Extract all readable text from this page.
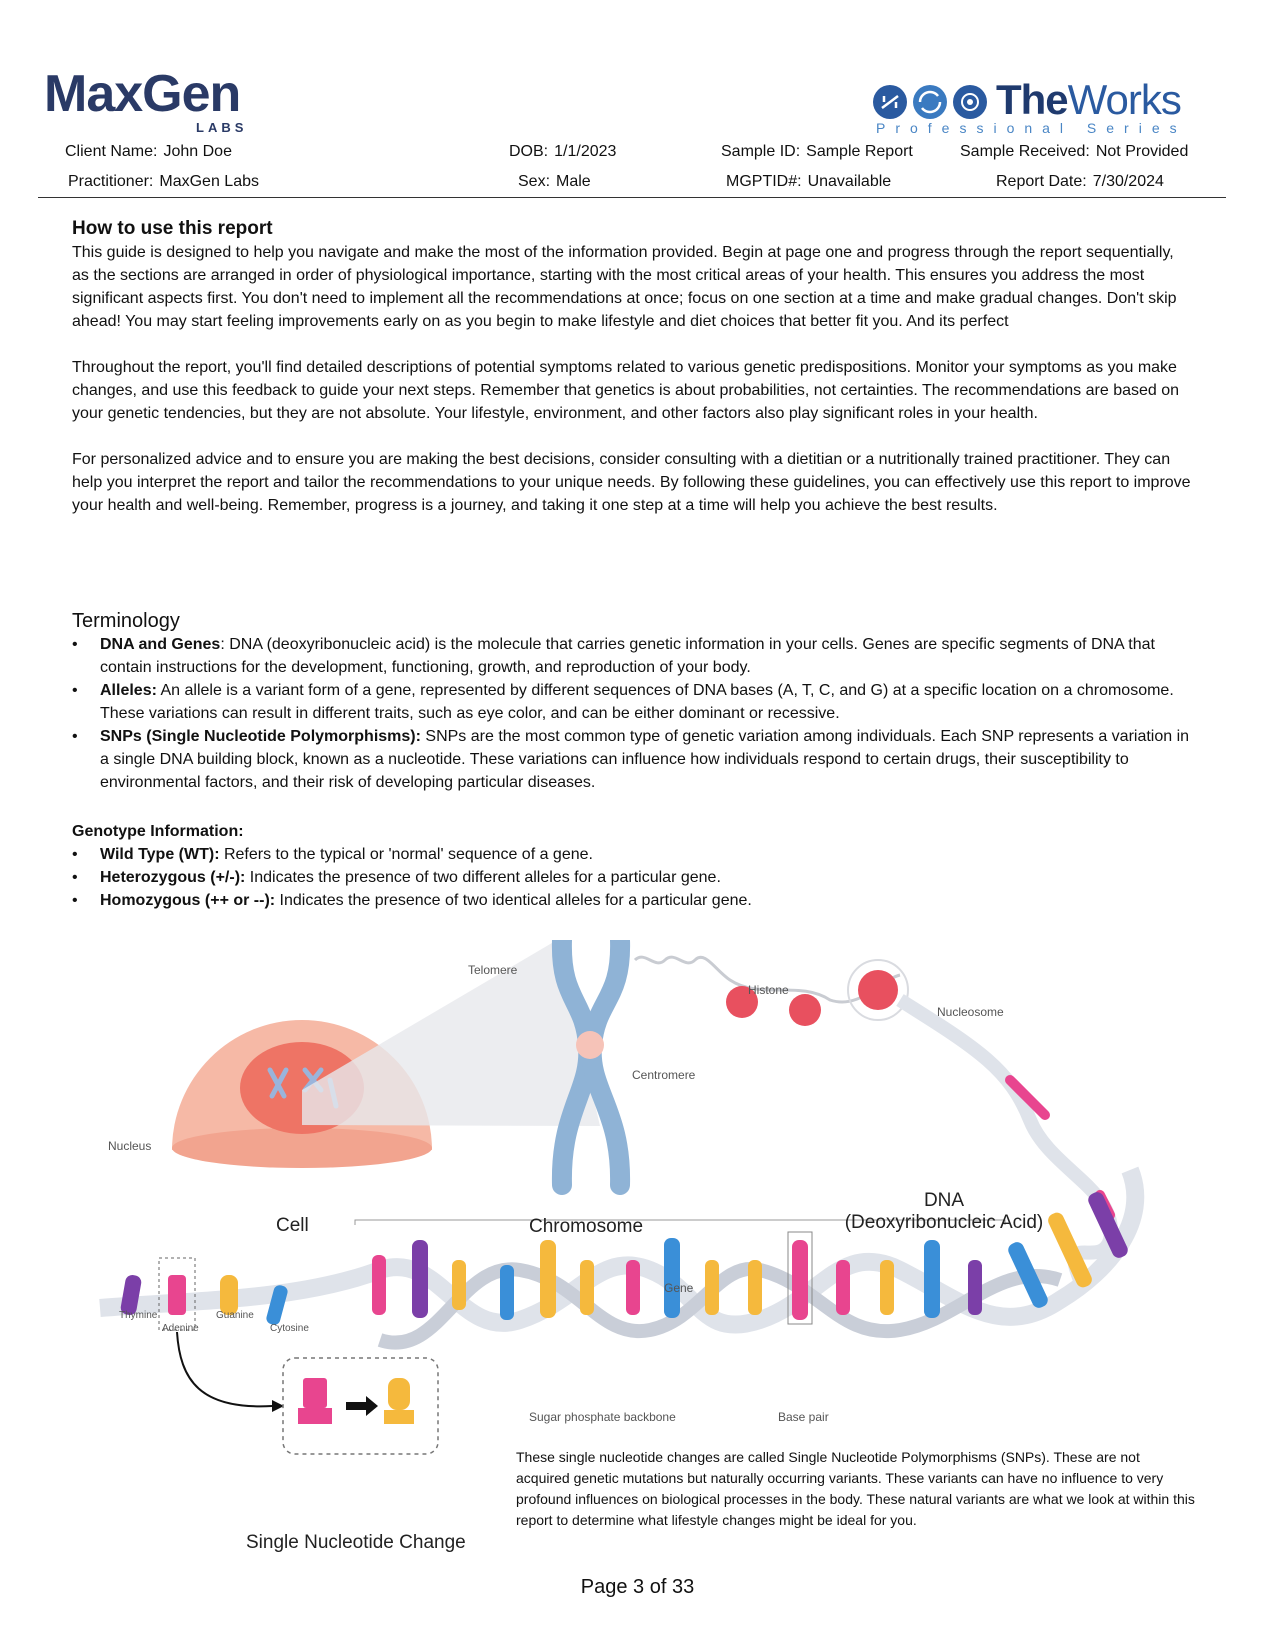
MaxGen
LABS
TheWorks
Professional Series
Client Name: John Doe	DOB: 1/1/2023	Sample ID: Sample Report	Sample Received: Not Provided
Practitioner: MaxGen Labs	Sex: Male	MGPTID#: Unavailable	Report Date: 7/30/2024
How to use this report

This guide is designed to help you navigate and make the most of the information provided. Begin at page one and progress through the report sequentially, as the sections are arranged in order of physiological importance, starting with the most critical areas of your health. This ensures you address the most significant aspects first. You don't need to implement all the recommendations at once; focus on one section at a time and make gradual changes. Don't skip ahead! You may start feeling improvements early on as you begin to make lifestyle and diet choices that better fit you. And its perfect

Throughout the report, you'll find detailed descriptions of potential symptoms related to various genetic predispositions. Monitor your symptoms as you make changes, and use this feedback to guide your next steps. Remember that genetics is about probabilities, not certainties. The recommendations are based on your genetic tendencies, but they are not absolute. Your lifestyle, environment, and other factors also play significant roles in your health.

For personalized advice and to ensure you are making the best decisions, consider consulting with a dietitian or a nutritionally trained practitioner. They can help you interpret the report and tailor the recommendations to your unique needs. By following these guidelines, you can effectively use this report to improve your health and well-being. Remember, progress is a journey, and taking it one step at a time will help you achieve the best results.

Terminology
• DNA and Genes: DNA (deoxyribonucleic acid) is the molecule that carries genetic information in your cells. Genes are specific segments of DNA that contain instructions for the development, functioning, growth, and reproduction of your body.
• Alleles: An allele is a variant form of a gene, represented by different sequences of DNA bases (A, T, C, and G) at a specific location on a chromosome. These variations can result in different traits, such as eye color, and can be either dominant or recessive.
• SNPs (Single Nucleotide Polymorphisms): SNPs are the most common type of genetic variation among individuals. Each SNP represents a variation in a single DNA building block, known as a nucleotide. These variations can influence how individuals respond to certain drugs, their susceptibility to environmental factors, and their risk of developing particular diseases.
Genotype Information:
• Wild Type (WT): Refers to the typical or 'normal' sequence of a gene.
• Heterozygous (+/-): Indicates the presence of two different alleles for a particular gene.
• Homozygous (++ or --): Indicates the presence of two identical alleles for a particular gene.
Telomere
Histone
Nucleosome
Centromere
Nucleus
Cell	Chromosome
DNA
(Deoxyribonucleic Acid)
Gene
Thymine
Adenine
Guanine
Cytosine
Sugar phosphate backbone	Base pair
Single Nucleotide Change
These single nucleotide changes are called Single Nucleotide Polymorphisms (SNPs). These are not acquired genetic mutations but naturally occurring variants. These variants can have no influence to very profound influences on biological processes in the body. These natural variants are what we look at within this report to determine what lifestyle changes might be ideal for you.
Page 3 of 33
